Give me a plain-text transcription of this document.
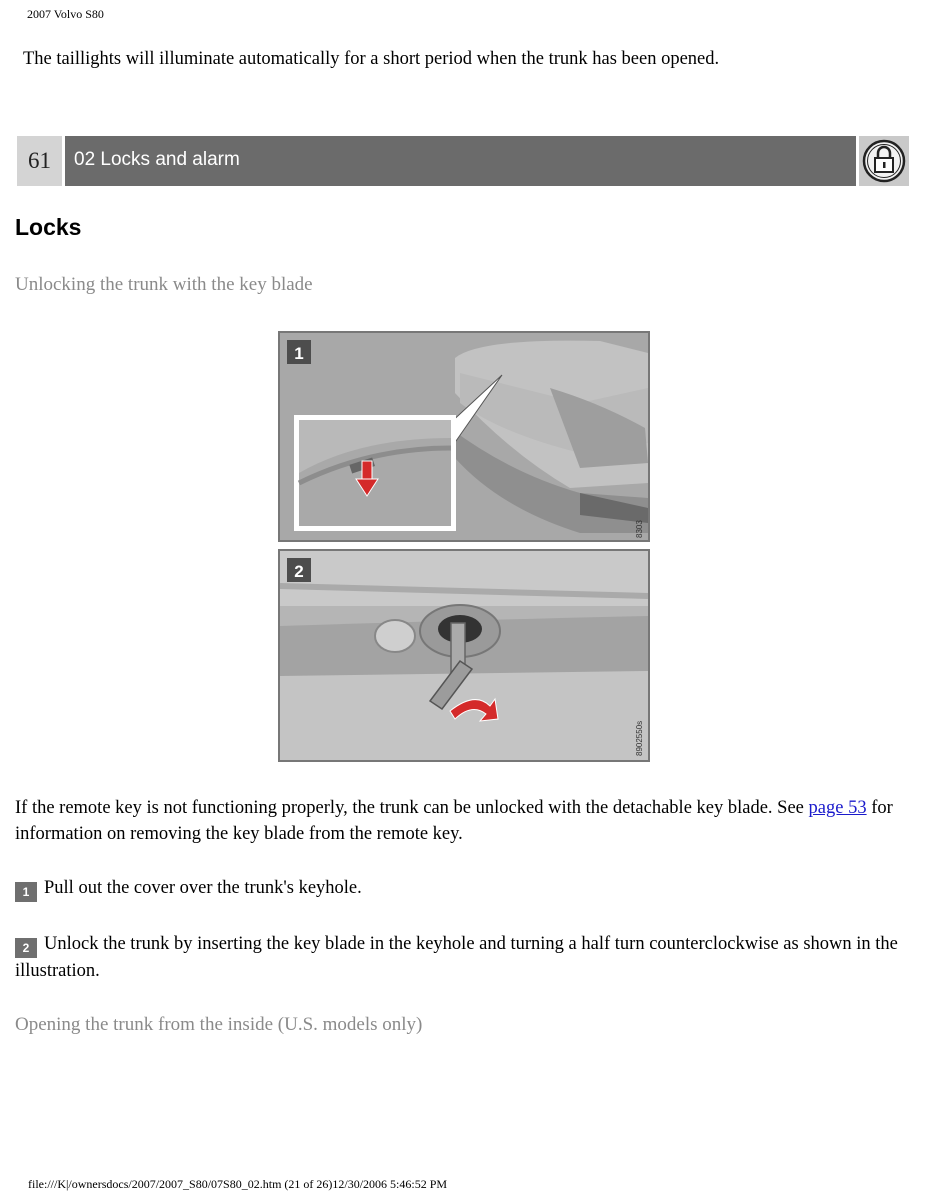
2007 Volvo S80
The taillights will illuminate automatically for a short period when the trunk has been opened.
61	02 Locks and alarm
Locks
Unlocking the trunk with the key blade
1
8303
2
8902550s
If the remote key is not functioning properly, the trunk can be unlocked with the detachable key blade. See page 53 for information on removing the key blade from the remote key.
1 Pull out the cover over the trunk's keyhole.
2 Unlock the trunk by inserting the key blade in the keyhole and turning a half turn counterclockwise as shown in the illustration.
Opening the trunk from the inside (U.S. models only)
file:///K|/ownersdocs/2007/2007_S80/07S80_02.htm (21 of 26)12/30/2006 5:46:52 PM
